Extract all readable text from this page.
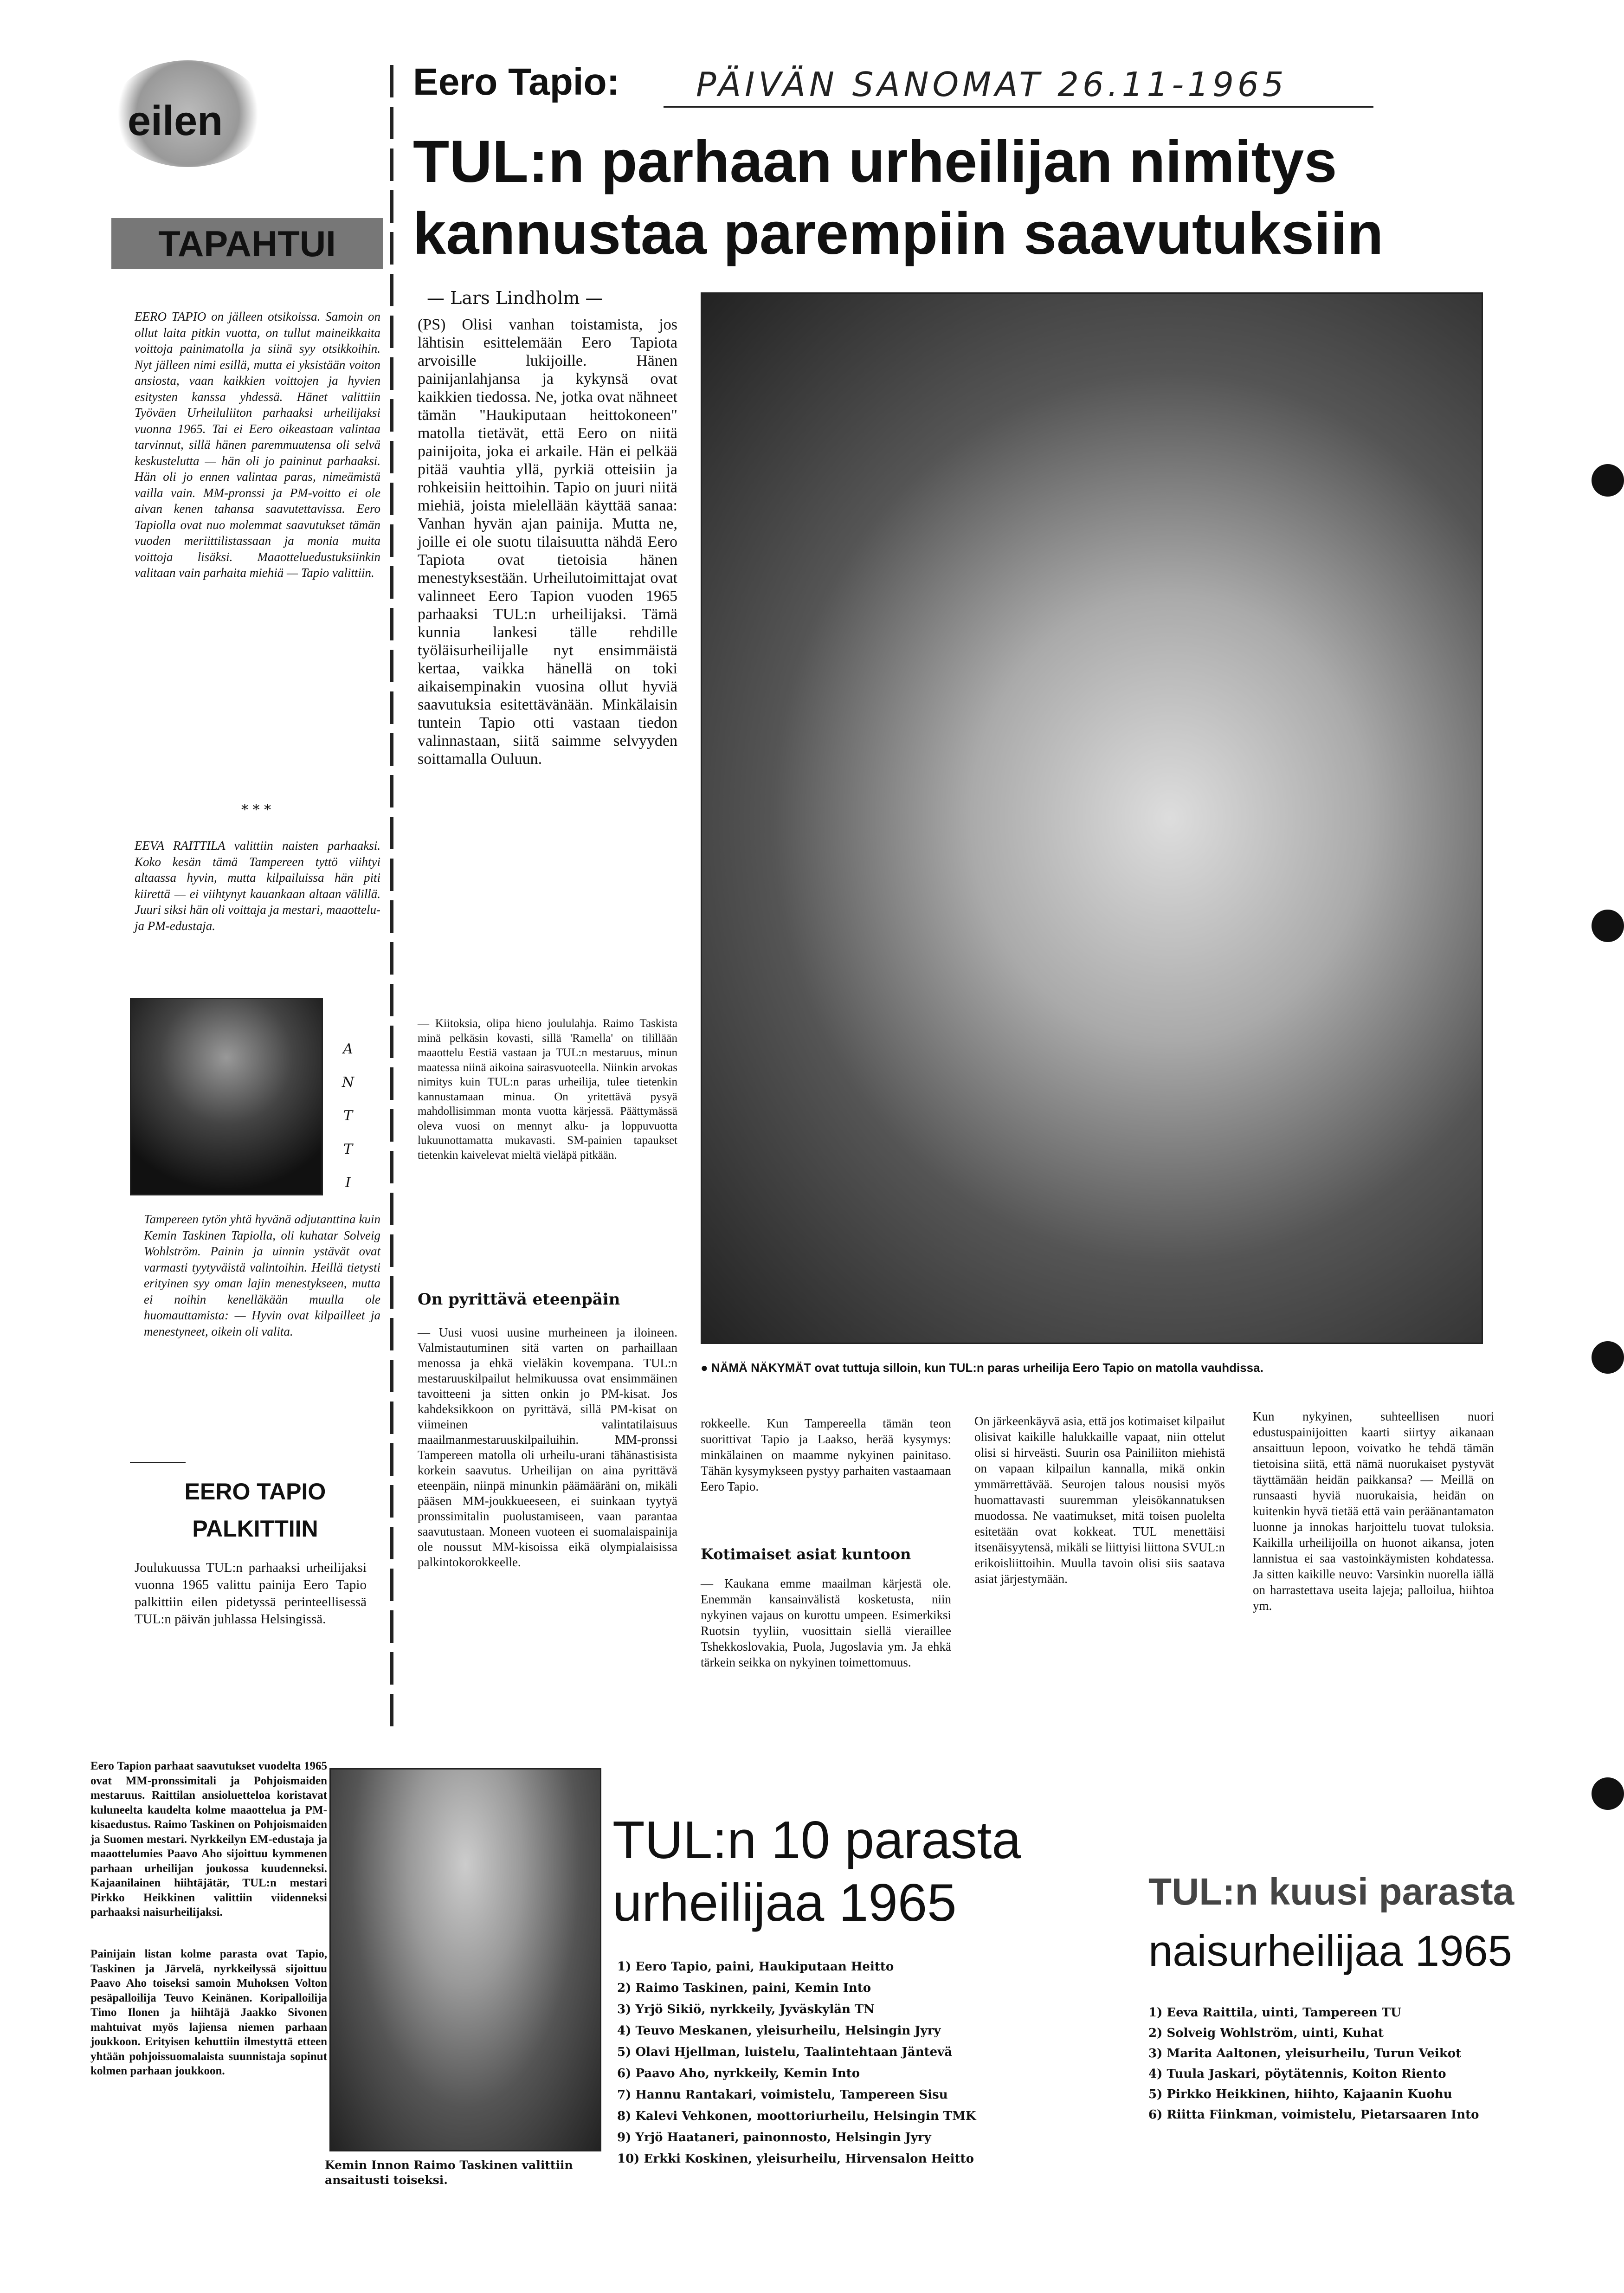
eilen
TAPAHTUI
Eero Tapio: PÄIVÄN SANOMAT 26.11-1965
TUL:n parhaan urheilijan nimitys
kannustaa parempiin saavutuksiin
EERO TAPIO on jälleen otsikoissa. Samoin on ollut laita pitkin vuotta, on tullut maineikkaita voittoja painimatolla ja siinä syy otsikkoihin. Nyt jälleen nimi esillä, mutta ei yksistään voiton ansiosta, vaan kaikkien voittojen ja hyvien esitysten kanssa yhdessä. Hänet valittiin Työväen Urheiluliiton parhaaksi urheilijaksi vuonna 1965. Tai ei Eero oikeastaan valintaa tarvinnut, sillä hänen paremmuutensa oli selvä keskustelutta — hän oli jo paininut parhaaksi. Hän oli jo ennen valintaa paras, nimeämistä vailla vain. MM-pronssi ja PM-voitto ei ole aivan kenen tahansa saavutettavissa. Eero Tapiolla ovat nuo molemmat saavutukset tämän vuoden meriittilistassaan ja monia muita voittoja lisäksi. Maaotteluedustuksiinkin valitaan vain parhaita miehiä — Tapio valittiin.
* * *
EEVA RAITTILA valittiin naisten parhaaksi. Koko kesän tämä Tampereen tyttö viihtyi altaassa hyvin, mutta kilpailuissa hän piti kiirettä — ei viihtynyt kauankaan altaan välillä. Juuri siksi hän oli voittaja ja mestari, maaottelu- ja PM-edustaja.
A
N
T
T
I
Tampereen tytön yhtä hyvänä adjutanttina kuin Kemin Taskinen Tapiolla, oli kuhatar Solveig Wohlström. Painin ja uinnin ystävät ovat varmasti tyytyväistä valintoihin. Heillä tietysti erityinen syy oman lajin menestykseen, mutta ei noihin kenelläkään muulla ole huomauttamista: — Hyvin ovat kilpailleet ja menestyneet, oikein oli valita.
EERO TAPIO
PALKITTIIN
Joulukuussa TUL:n parhaaksi urheilijaksi vuonna 1965 valittu painija Eero Tapio palkittiin eilen pidetyssä perinteellisessä TUL:n päivän juhlassa Helsingissä.
— Lars Lindholm —
(PS) Olisi vanhan toistamista, jos lähtisin esittelemään Eero Tapiota arvoisille lukijoille. Hänen painijanlahjansa ja kykynsä ovat kaikkien tiedossa. Ne, jotka ovat nähneet tämän "Haukiputaan heittokoneen" matolla tietävät, että Eero on niitä painijoita, joka ei arkaile. Hän ei pelkää pitää vauhtia yllä, pyrkiä otteisiin ja rohkeisiin heittoihin. Tapio on juuri niitä miehiä, joista mielellään käyttää sanaa: Vanhan hyvän ajan painija. Mutta ne, joille ei ole suotu tilaisuutta nähdä Eero Tapiota ovat tietoisia hänen menestyksestään. Urheilutoimittajat ovat valinneet Eero Tapion vuoden 1965 parhaaksi TUL:n urheilijaksi. Tämä kunnia lankesi tälle rehdille työläisurheilijalle nyt ensimmäistä kertaa, vaikka hänellä on toki aikaisempinakin vuosina ollut hyviä saavutuksia esitettävänään. Minkälaisin tuntein Tapio otti vastaan tiedon valinnastaan, siitä saimme selvyyden soittamalla Ouluun.
— Kiitoksia, olipa hieno joululahja. Raimo Taskista minä pelkäsin kovasti, sillä 'Ramella' on tilillään maaottelu Eestiä vastaan ja TUL:n mestaruus, minun maatessa niinä aikoina sairasvuoteella. Niinkin arvokas nimitys kuin TUL:n paras urheilija, tulee tietenkin kannustamaan minua. On yritettävä pysyä mahdollisimman monta vuotta kärjessä. Päättymässä oleva vuosi on mennyt alku- ja loppuvuotta lukuunottamatta mukavasti. SM-painien tapaukset tietenkin kaivelevat mieltä vieläpä pitkään.
On pyrittävä eteenpäin
— Uusi vuosi uusine murheineen ja iloineen. Valmistautuminen sitä varten on parhaillaan menossa ja ehkä vieläkin kovempana. TUL:n mestaruuskilpailut helmikuussa ovat ensimmäinen tavoitteeni ja sitten onkin jo PM-kisat. Jos kahdeksikkoon on pyrittävä, sillä PM-kisat on viimeinen valintatilaisuus maailmanmestaruuskilpailuihin. MM-pronssi Tampereen matolla oli urheilu-urani tähänastisista korkein saavutus. Urheilijan on aina pyrittävä eteenpäin, niinpä minunkin päämääräni on, mikäli pääsen MM-joukkueeseen, ei suinkaan tyytyä pronssimitalin puolustamiseen, vaan parantaa saavutustaan. Moneen vuoteen ei suomalaispainija ole noussut MM-kisoissa eikä olympialaisissa palkintokorokkeelle.
● NÄMÄ NÄKYMÄT ovat tuttuja silloin, kun TUL:n paras urheilija Eero Tapio on matolla vauhdissa.
rokkeelle. Kun Tampereella tämän teon suorittivat Tapio ja Laakso, herää kysymys: minkälainen on maamme nykyinen painitaso. Tähän kysymykseen pystyy parhaiten vastaamaan Eero Tapio.
Kotimaiset asiat kuntoon
— Kaukana emme maailman kärjestä ole. Enemmän kansainvälistä kosketusta, niin nykyinen vajaus on kurottu umpeen. Esimerkiksi Ruotsin tyyliin, vuosittain siellä vieraillee Tshekkoslovakia, Puola, Jugoslavia ym. Ja ehkä tärkein seikka on nykyinen toimettomuus.
On järkeenkäyvä asia, että jos kotimaiset kilpailut olisivat kaikille halukkaille vapaat, niin ottelut olisi si hirveästi. Suurin osa Painiliiton miehistä on vapaan kilpailun kannalla, mikä onkin ymmärrettävää. Seurojen talous nousisi myös huomattavasti suuremman yleisökannatuksen muodossa. Ne vaatimukset, mitä toisen puolelta esitetään ovat kokkeat. TUL menettäisi itsenäisyytensä, mikäli se liittyisi liittona SVUL:n erikoisliittoihin. Muulla tavoin olisi siis saatava asiat järjestymään.
Kun nykyinen, suhteellisen nuori edustuspainijoitten kaarti siirtyy aikanaan ansaittuun lepoon, voivatko he tehdä tämän tietoisina siitä, että nämä nuorukaiset pystyvät täyttämään heidän paikkansa? — Meillä on runsaasti hyviä nuorukaisia, heidän on kuitenkin hyvä tietää että vain peräänantamaton luonne ja innokas harjoittelu tuovat tuloksia. Kaikilla urheilijoilla on huonot aikansa, joten lannistua ei saa vastoinkäymisten kohdatessa. Ja sitten kaikille neuvo: Varsinkin nuorella iällä on harrastettava useita lajeja; palloilua, hiihtoa ym.
Eero Tapion parhaat saavutukset vuodelta 1965 ovat MM-pronssimitali ja Pohjoismaiden mestaruus. Raittilan ansioluetteloa koristavat kuluneelta kaudelta kolme maaottelua ja PM-kisaedustus. Raimo Taskinen on Pohjoismaiden ja Suomen mestari. Nyrkkeilyn EM-edustaja ja maaottelumies Paavo Aho sijoittuu kymmenen parhaan urheilijan joukossa kuudenneksi. Kajaanilainen hiihtäjätär, TUL:n mestari Pirkko Heikkinen valittiin viidenneksi parhaaksi naisurheilijaksi.
Painijain listan kolme parasta ovat Tapio, Taskinen ja Järvelä, nyrkkeilyssä sijoittuu Paavo Aho toiseksi samoin Muhoksen Volton pesäpalloilija Teuvo Keinänen. Koripalloilija Timo Ilonen ja hiihtäjä Jaakko Sivonen mahtuivat myös lajiensa niemen parhaan joukkoon. Erityisen kehuttiin ilmestyttä etteen yhtään pohjoissuomalaista suunnistaja sopinut kolmen parhaan joukkoon.
Kemin Innon Raimo Taskinen valittiin ansaitusti toiseksi.
TUL:n 10 parasta
urheilijaa 1965
1) Eero Tapio, paini, Haukiputaan Heitto
2) Raimo Taskinen, paini, Kemin Into
3) Yrjö Sikiö, nyrkkeily, Jyväskylän TN
4) Teuvo Meskanen, yleisurheilu, Helsingin Jyry
5) Olavi Hjellman, luistelu, Taalintehtaan Jäntevä
6) Paavo Aho, nyrkkeily, Kemin Into
7) Hannu Rantakari, voimistelu, Tampereen Sisu
8) Kalevi Vehkonen, moottoriurheilu, Helsingin TMK
9) Yrjö Haataneri, painonnosto, Helsingin Jyry
10) Erkki Koskinen, yleisurheilu, Hirvensalon Heitto
TUL:n kuusi parasta
naisurheilijaa 1965
1) Eeva Raittila, uinti, Tampereen TU
2) Solveig Wohlström, uinti, Kuhat
3) Marita Aaltonen, yleisurheilu, Turun Veikot
4) Tuula Jaskari, pöytätennis, Koiton Riento
5) Pirkko Heikkinen, hiihto, Kajaanin Kuohu
6) Riitta Fiinkman, voimistelu, Pietarsaaren Into
